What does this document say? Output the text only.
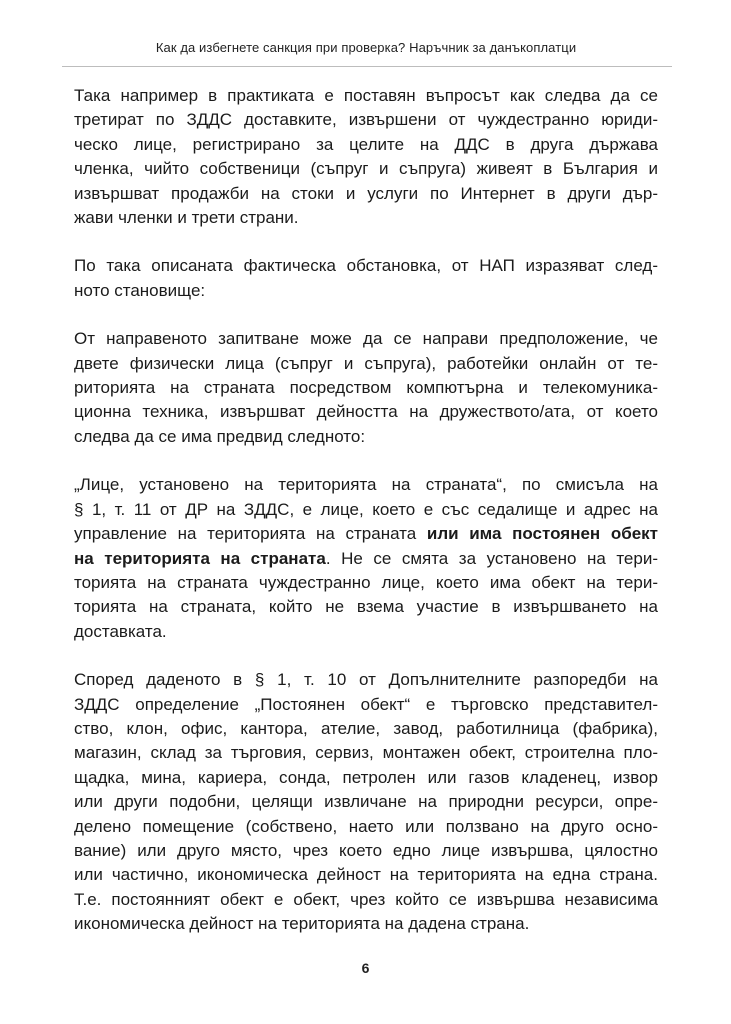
Как да избегнете санкция при проверка? Наръчник за данъкоплатци

Така например в практиката е поставян въпросът как следва да се
третират по ЗДДС доставките, извършени от чуждестранно юриди-
ческо лице, регистрирано за целите на ДДС в друга държава
членка, чийто собственици (съпруг и съпруга) живеят в България и
извършват продажби на стоки и услуги по Интернет в други дър-
жави членки и трети страни.

По така описаната фактическа обстановка, от НАП изразяват след-
ното становище:

От направеното запитване може да се направи предположение, че
двете физически лица (съпруг и съпруга), работейки онлайн от те-
риторията на страната посредством компютърна и телекомуника-
ционна техника, извършват дейността на дружеството/ата, от което
следва да се има предвид следното:

„Лице, установено на територията на страната“, по смисъла на
§ 1, т. 11 от ДР на ЗДДС, е лице, което е със седалище и адрес на
управление на територията на страната или има постоянен обект
на територията на страната. Не се смята за установено на тери-
торията на страната чуждестранно лице, което има обект на тери-
торията на страната, който не взема участие в извършването на
доставката.

Според даденото в § 1, т. 10 от Допълнителните разпоредби на
ЗДДС определение „Постоянен обект“ е търговско представител-
ство, клон, офис, кантора, ателие, завод, работилница (фабрика),
магазин, склад за търговия, сервиз, монтажен обект, строителна пло-
щадка, мина, кариера, сонда, петролен или газов кладенец, извор
или други подобни, целящи извличане на природни ресурси, опре-
делено помещение (собствено, наето или ползвано на друго осно-
вание) или друго място, чрез което едно лице извършва, цялостно
или частично, икономическа дейност на територията на една страна.
Т.е. постоянният обект е обект, чрез който се извършва независима
икономическа дейност на територията на дадена страна.

6
